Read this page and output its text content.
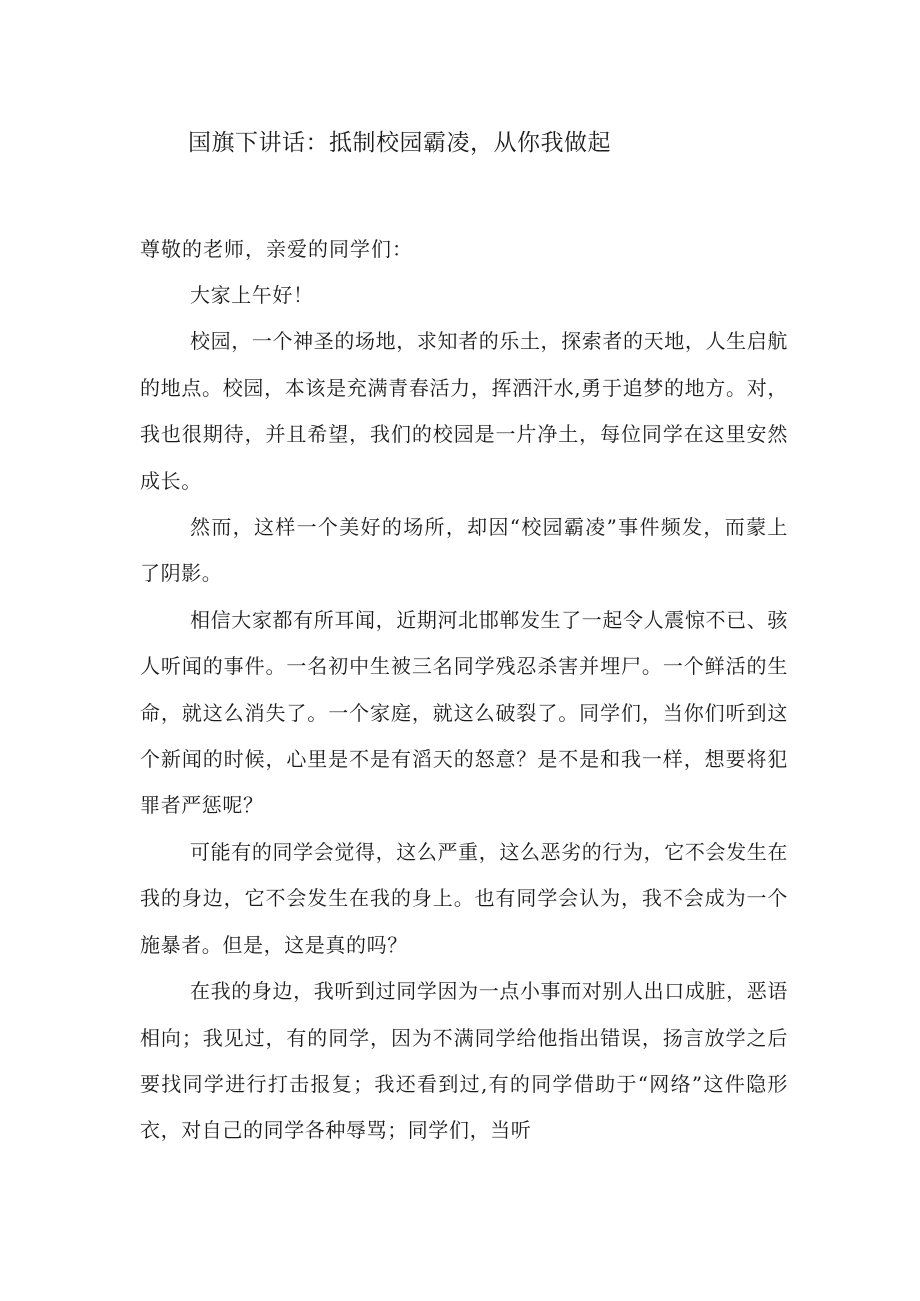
国旗下讲话：抵制校园霸凌，从你我做起

尊敬的老师，亲爱的同学们：

大家上午好！

校园，一个神圣的场地，求知者的乐土，探索者的天地，人生启航的地点。校园，本该是充满青春活力，挥洒汗水,勇于追梦的地方。对，我也很期待，并且希望，我们的校园是一片净土，每位同学在这里安然成长。

然而，这样一个美好的场所，却因“校园霸凌”事件频发，而蒙上了阴影。

相信大家都有所耳闻，近期河北邯郸发生了一起令人震惊不已、骇人听闻的事件。一名初中生被三名同学残忍杀害并埋尸。一个鲜活的生命，就这么消失了。一个家庭，就这么破裂了。同学们，当你们听到这个新闻的时候，心里是不是有滔天的怒意？是不是和我一样，想要将犯罪者严惩呢？

可能有的同学会觉得，这么严重，这么恶劣的行为，它不会发生在我的身边，它不会发生在我的身上。也有同学会认为，我不会成为一个施暴者。但是，这是真的吗？

在我的身边，我听到过同学因为一点小事而对别人出口成脏，恶语相向；我见过，有的同学，因为不满同学给他指出错误，扬言放学之后要找同学进行打击报复；我还看到过,有的同学借助于“网络”这件隐形衣，对自己的同学各种辱骂；同学们，当听
